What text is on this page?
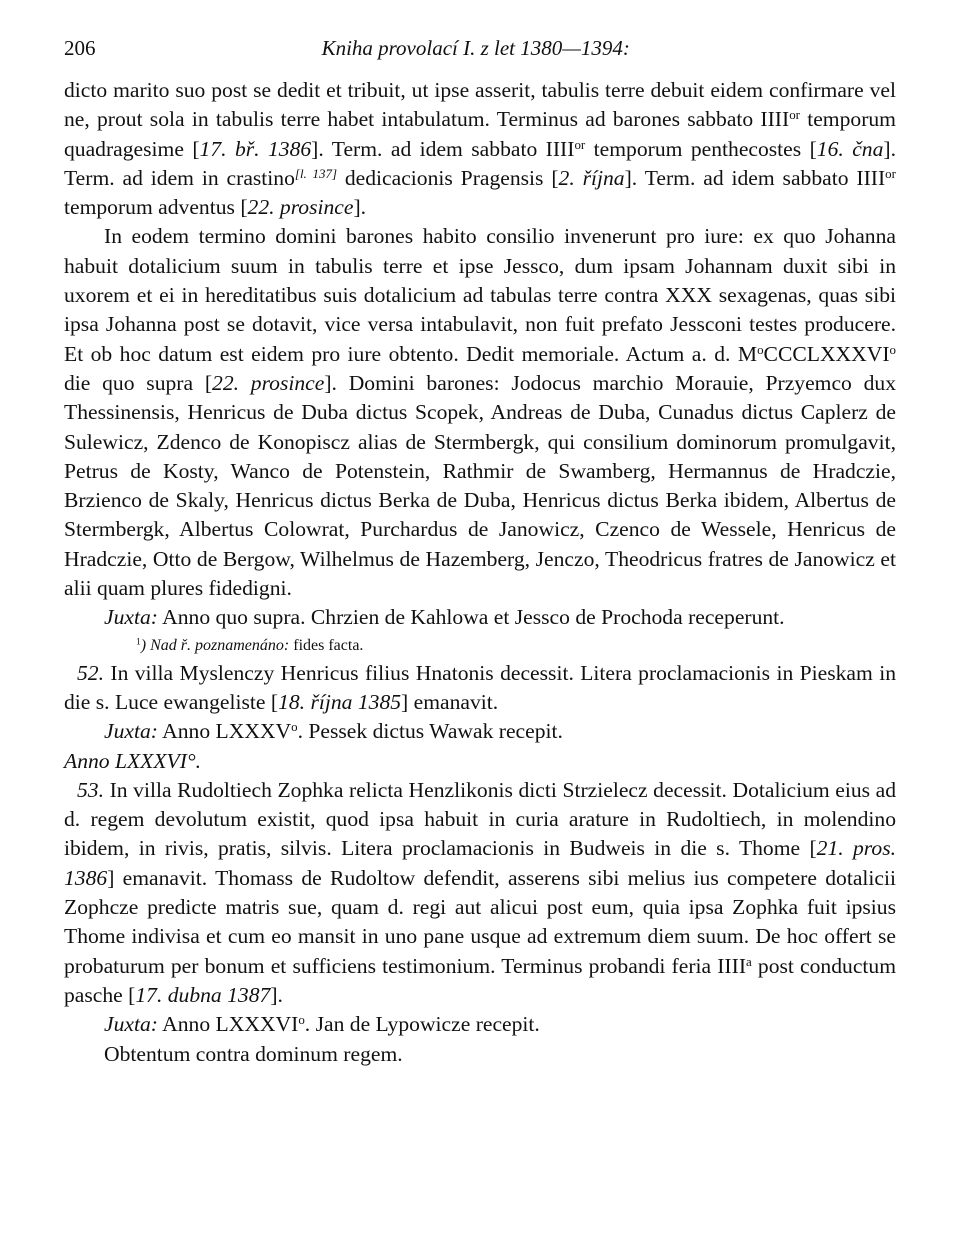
206	Kniha provolací I. z let 1380—1394:

dicto marito suo post se dedit et tribuit, ut ipse asserit, tabulis terre debuit eidem confirmare vel ne, prout sola in tabulis terre habet intabulatum. Terminus ad barones sabbato $IIII^{or}$ temporum quadragesime [17. bř. 1386]. Term. ad idem sabbato $IIII^{or}$ temporum penthecostes [16. čna]. Term. ad idem in crastino[l. 137] dedicacionis Pragensis [2. října]. Term. ad idem sabbato $IIII^{or}$ temporum adventus [22. prosince].

In eodem termino domini barones habito consilio invenerunt pro iure: ex quo Johanna habuit dotalicium suum in tabulis terre et ipse Jessco, dum ipsam Johannam duxit sibi in uxorem et ei in hereditatibus suis dotalicium ad tabulas terre contra XXX sexagenas, quas sibi ipsa Johanna post se dotavit, vice versa intabulavit, non fuit prefato Jessconi testes producere. Et ob hoc datum est eidem pro iure obtento. Dedit memoriale. Actum a. d. $M^oCCCLXXXVI^o$ die quo supra [22. prosince]. Domini barones: Jodocus marchio Morauie, Przyemco dux Thessinensis, Henricus de Duba dictus Scopek, Andreas de Duba, Cunadus dictus Caplerz de Sulewicz, Zdenco de Konopiscz alias de Stermbergk, qui consilium dominorum promulgavit, Petrus de Kosty, Wanco de Potenstein, Rathmir de Swamberg, Hermannus de Hradczie, Brzienco de Skaly, Henricus dictus Berka de Duba, Henricus dictus Berka ibidem, Albertus de Stermbergk, Albertus Colowrat, Purchardus de Janowicz, Czenco de Wessele, Henricus de Hradczie, Otto de Bergow, Wilhelmus de Hazemberg, Jenczo, Theodricus fratres de Janowicz et alii quam plures fidedigni.

Juxta: Anno quo supra. Chrzien de Kahlowa et Jessco de Prochoda receperunt.

$^1$) Nad ř. poznamenáno: fides facta.

52. In villa Myslenczy Henricus filius Hnatonis decessit. Litera proclamacionis in Pieskam in die s. Luce ewangeliste [18. října 1385] emanavit.

Juxta: Anno LXXXV$^o$. Pessek dictus Wawak recepit.

Anno LXXXVI°.

53. In villa Rudoltiech Zophka relicta Henzlikonis dicti Strzielecz decessit. Dotalicium eius ad d. regem devolutum existit, quod ipsa habuit in curia arature in Rudoltiech, in molendino ibidem, in rivis, pratis, silvis. Litera proclamacionis in Budweis in die s. Thome [21. pros. 1386] emanavit. Thomass de Rudoltow defendit, asserens sibi melius ius competere dotalicii Zophcze predicte matris sue, quam d. regi aut alicui post eum, quia ipsa Zophka fuit ipsius Thome indivisa et cum eo mansit in uno pane usque ad extremum diem suum. De hoc offert se probaturum per bonum et sufficiens testimonium. Terminus probandi feria IIII$^a$ post conductum pasche [17. dubna 1387].

Juxta: Anno LXXXVI$^o$. Jan de Lypowicze recepit.

Obtentum contra dominum regem.
